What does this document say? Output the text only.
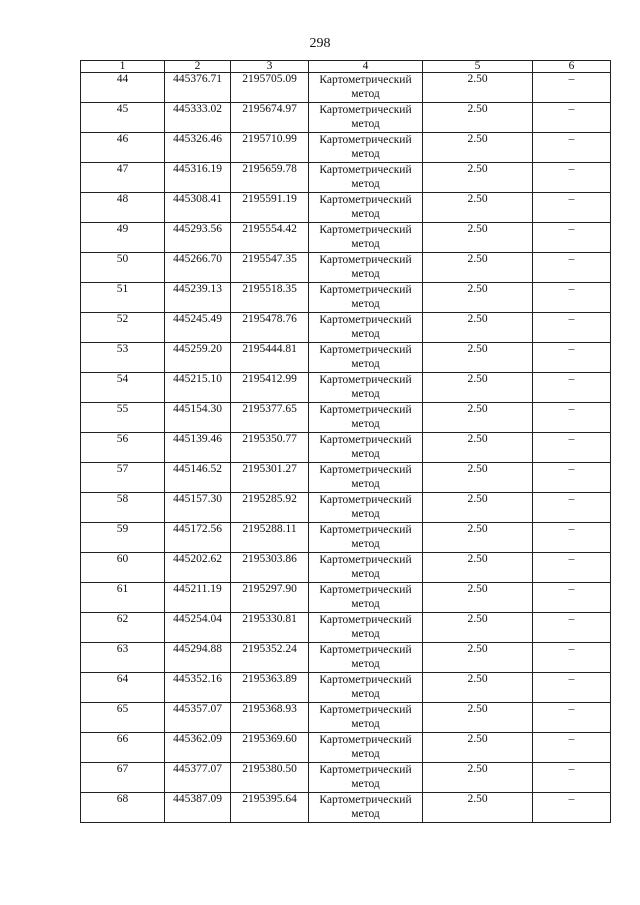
298
1	2	3	4	5	6
44	445376.71	2195705.09	Картометрический метод	2.50	–
45	445333.02	2195674.97	Картометрический метод	2.50	–
46	445326.46	2195710.99	Картометрический метод	2.50	–
47	445316.19	2195659.78	Картометрический метод	2.50	–
48	445308.41	2195591.19	Картометрический метод	2.50	–
49	445293.56	2195554.42	Картометрический метод	2.50	–
50	445266.70	2195547.35	Картометрический метод	2.50	–
51	445239.13	2195518.35	Картометрический метод	2.50	–
52	445245.49	2195478.76	Картометрический метод	2.50	–
53	445259.20	2195444.81	Картометрический метод	2.50	–
54	445215.10	2195412.99	Картометрический метод	2.50	–
55	445154.30	2195377.65	Картометрический метод	2.50	–
56	445139.46	2195350.77	Картометрический метод	2.50	–
57	445146.52	2195301.27	Картометрический метод	2.50	–
58	445157.30	2195285.92	Картометрический метод	2.50	–
59	445172.56	2195288.11	Картометрический метод	2.50	–
60	445202.62	2195303.86	Картометрический метод	2.50	–
61	445211.19	2195297.90	Картометрический метод	2.50	–
62	445254.04	2195330.81	Картометрический метод	2.50	–
63	445294.88	2195352.24	Картометрический метод	2.50	–
64	445352.16	2195363.89	Картометрический метод	2.50	–
65	445357.07	2195368.93	Картометрический метод	2.50	–
66	445362.09	2195369.60	Картометрический метод	2.50	–
67	445377.07	2195380.50	Картометрический метод	2.50	–
68	445387.09	2195395.64	Картометрический метод	2.50	–
